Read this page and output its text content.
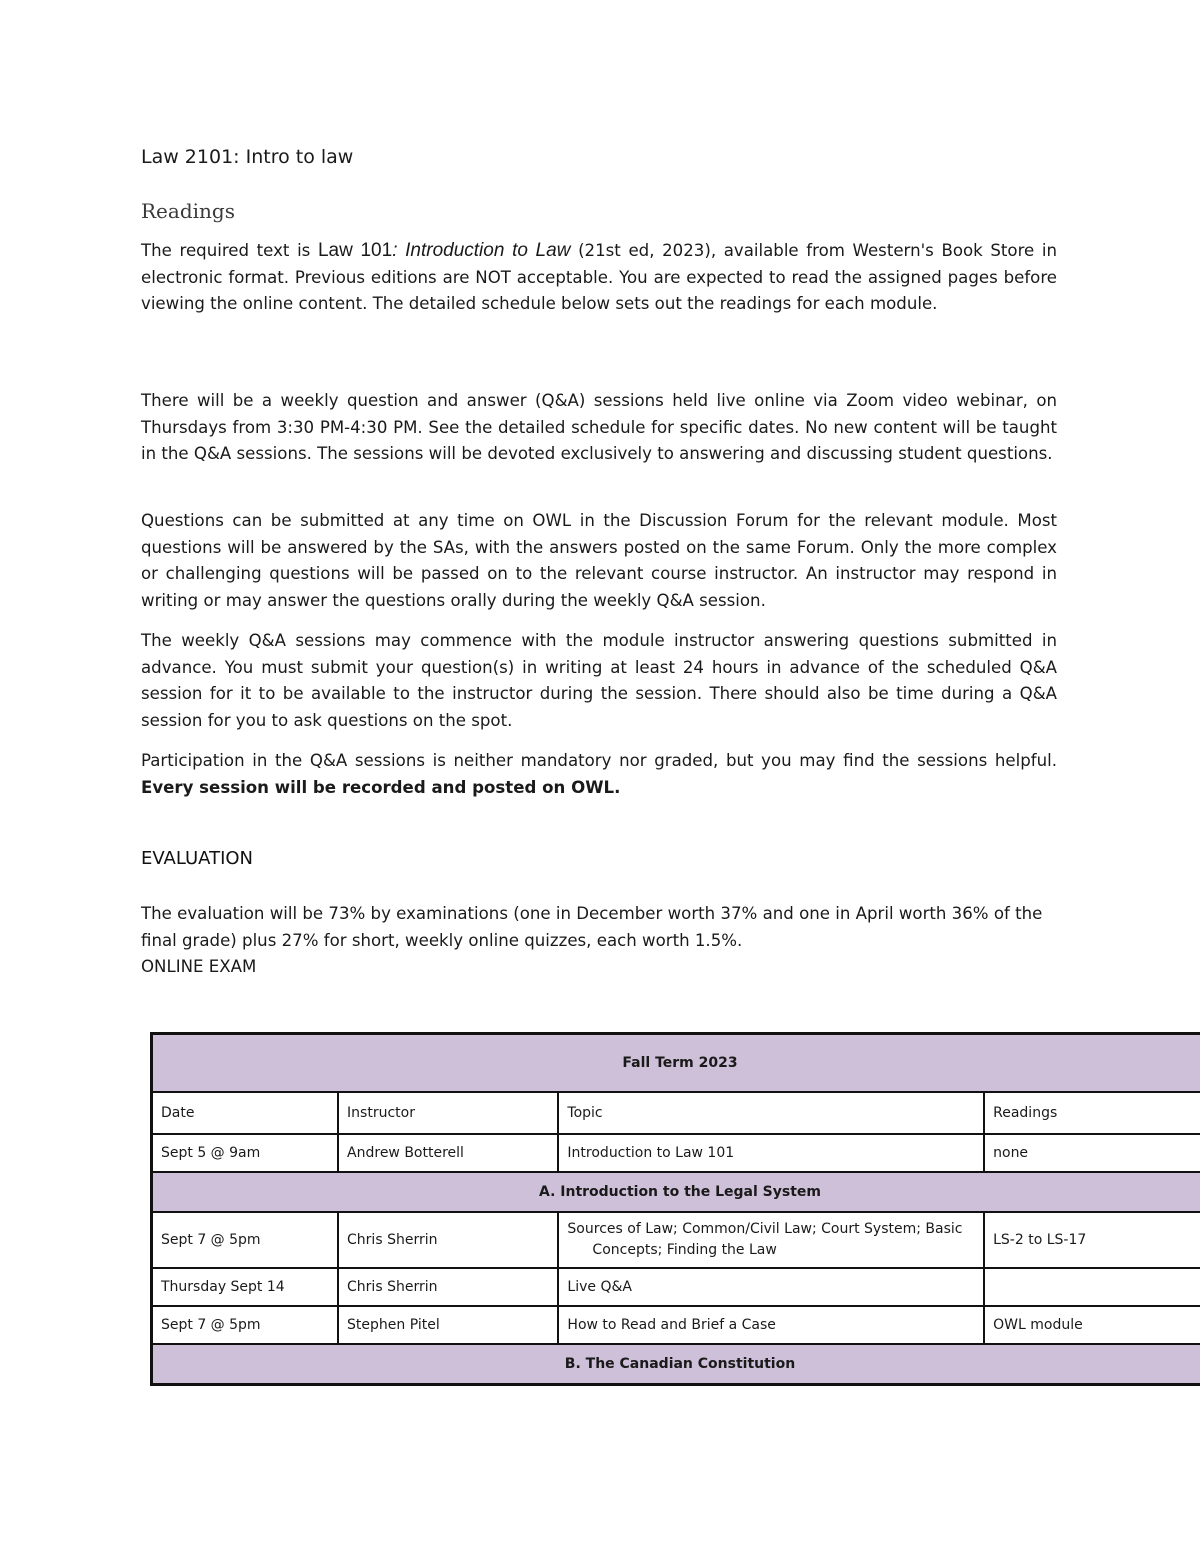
Law 2101: Intro to law
Readings

The required text is Law 101: Introduction to Law (21st ed, 2023), available from Western's Book Store in electronic format. Previous editions are NOT acceptable. You are expected to read the assigned pages before viewing the online content. The detailed schedule below sets out the readings for each module.

There will be a weekly question and answer (Q&A) sessions held live online via Zoom video webinar, on Thursdays from 3:30 PM-4:30 PM. See the detailed schedule for specific dates. No new content will be taught in the Q&A sessions. The sessions will be devoted exclusively to answering and discussing student questions.

Questions can be submitted at any time on OWL in the Discussion Forum for the relevant module. Most questions will be answered by the SAs, with the answers posted on the same Forum. Only the more complex or challenging questions will be passed on to the relevant course instructor. An instructor may respond in writing or may answer the questions orally during the weekly Q&A session.

The weekly Q&A sessions may commence with the module instructor answering questions submitted in advance. You must submit your question(s) in writing at least 24 hours in advance of the scheduled Q&A session for it to be available to the instructor during the session. There should also be time during a Q&A session for you to ask questions on the spot.

Participation in the Q&A sessions is neither mandatory nor graded, but you may find the sessions helpful. Every session will be recorded and posted on OWL.

EVALUATION

The evaluation will be 73% by examinations (one in December worth 37% and one in April worth 36% of the final grade) plus 27% for short, weekly online quizzes, each worth 1.5%.

ONLINE EXAM
Fall Term 2023			
Date	Instructor	Topic	Readings
Sept 5 @ 9am	Andrew Botterell	Introduction to Law 101	none
A. Introduction to the Legal System			
Sept 7 @ 5pm	Chris Sherrin	Sources of Law; Common/Civil Law; Court System; Basic Concepts; Finding the Law	LS-2 to LS-17
Thursday Sept 14	Chris Sherrin	Live Q&A	
Sept 7 @ 5pm	Stephen Pitel	How to Read and Brief a Case	OWL module
B. The Canadian Constitution			
